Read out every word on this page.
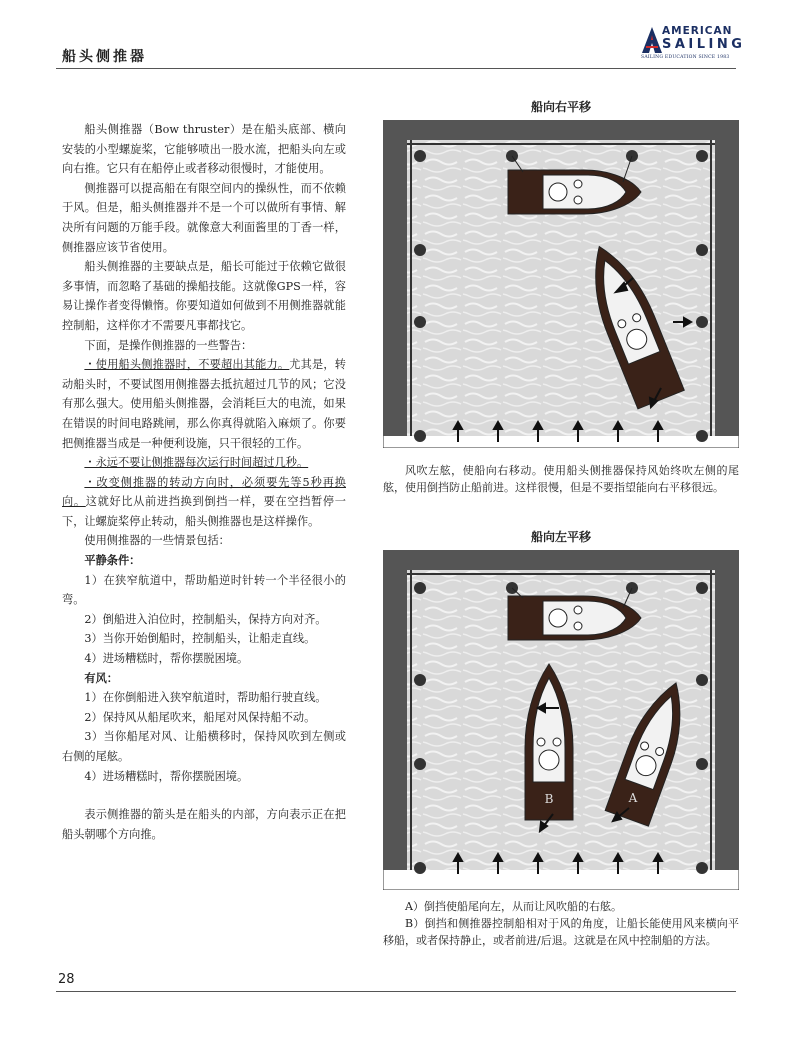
船头侧推器
AMERICAN
SAILING
SAILING EDUCATION SINCE 1983

船头侧推器（Bow thruster）是在船头底部、横向安装的小型螺旋桨，它能够喷出一股水流，把船头向左或向右推。它只有在船停止或者移动很慢时，才能使用。

侧推器可以提高船在有限空间内的操纵性，而不依赖于风。但是，船头侧推器并不是一个可以做所有事情、解决所有问题的万能手段。就像意大利面酱里的丁香一样，侧推器应该节省使用。

船头侧推器的主要缺点是，船长可能过于依赖它做很多事情，而忽略了基础的操船技能。这就像GPS一样，容易让操作者变得懒惰。你要知道如何做到不用侧推器就能控制船，这样你才不需要凡事都找它。

下面，是操作侧推器的一些警告：

・使用船头侧推器时，不要超出其能力。尤其是，转动船头时，不要试图用侧推器去抵抗超过几节的风；它没有那么强大。使用船头侧推器，会消耗巨大的电流，如果在错误的时间电路跳闸，那么你真得就陷入麻烦了。你要把侧推器当成是一种便利设施，只干很轻的工作。

・永远不要让侧推器每次运行时间超过几秒。

・改变侧推器的转动方向时，必须要先等5秒再换向。这就好比从前进挡换到倒挡一样，要在空挡暂停一下，让螺旋桨停止转动，船头侧推器也是这样操作。

使用侧推器的一些情景包括：

平静条件：

1）在狭窄航道中，帮助船逆时针转一个半径很小的弯。

2）倒船进入泊位时，控制船头，保持方向对齐。

3）当你开始倒船时，控制船头，让船走直线。

4）进场糟糕时，帮你摆脱困境。

有风：

1）在你倒船进入狭窄航道时，帮助船行驶直线。

2）保持风从船尾吹来，船尾对风保持船不动。

3）当你船尾对风、让船横移时，保持风吹到左侧或右侧的尾舷。

4）进场糟糕时，帮你摆脱困境。

表示侧推器的箭头是在船头的内部，方向表示正在把船头朝哪个方向推。

船向右平移

风吹左舷，使船向右移动。使用船头侧推器保持风始终吹左侧的尾舷，使用倒挡防止船前进。这样很慢，但是不要指望能向右平移很远。

船向左平移
B	A

A）倒挡使船尾向左，从而让风吹船的右舷。

B）倒挡和侧推器控制船相对于风的角度，让船长能使用风来横向平移船，或者保持静止，或者前进/后退。这就是在风中控制船的方法。

28
